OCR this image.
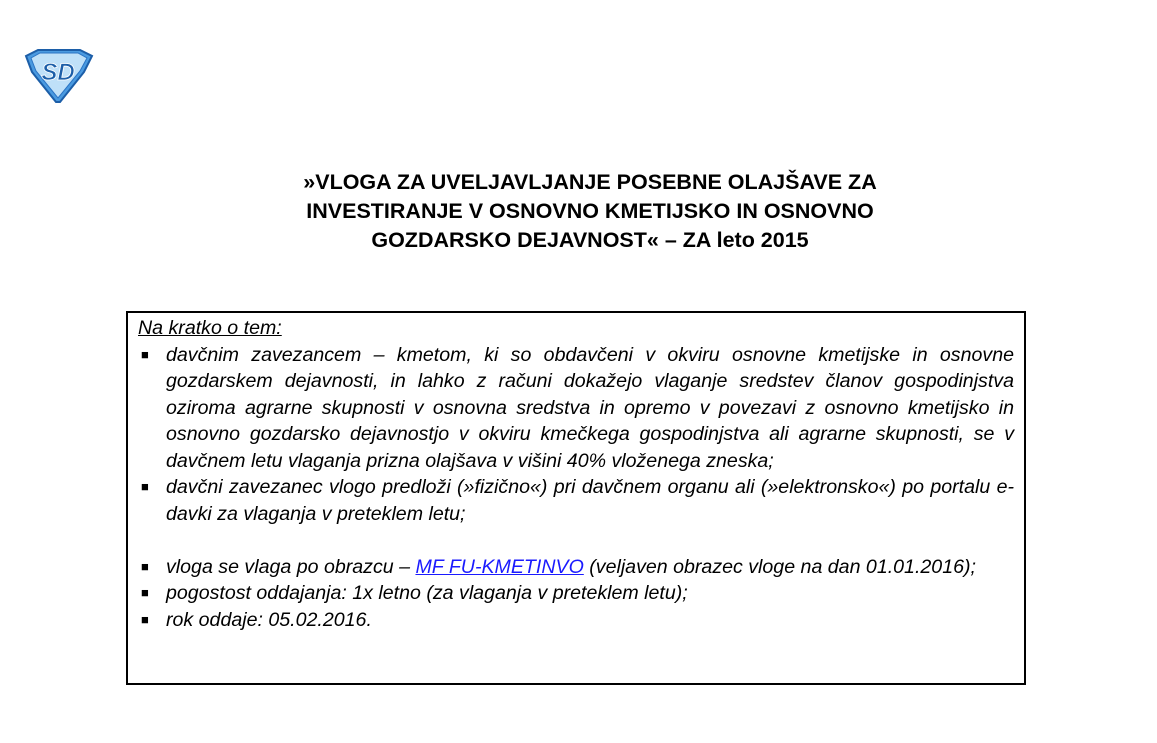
SD
»VLOGA ZA UVELJAVLJANJE POSEBNE OLAJŠAVE ZA
INVESTIRANJE V OSNOVNO KMETIJSKO IN OSNOVNO
GOZDARSKO DEJAVNOST« – ZA leto 2015
Na kratko o tem:
■ davčnim zavezancem – kmetom, ki so obdavčeni v okviru osnovne kmetijske in osnovne gozdarskem dejavnosti, in lahko z računi dokažejo vlaganje sredstev članov gospodinjstva oziroma agrarne skupnosti v osnovna sredstva in opremo v povezavi z osnovno kmetijsko in osnovno gozdarsko dejavnostjo v okviru kmečkega gospodinjstva ali agrarne skupnosti, se v davčnem letu vlaganja prizna olajšava v višini 40% vloženega zneska;
■ davčni zavezanec vlogo predloži (»fizično«) pri davčnem organu ali (»elektronsko«) po portalu e-davki za vlaganja v preteklem letu;
■ vloga se vlaga po obrazcu – MF FU-KMETINVO (veljaven obrazec vloge na dan 01.01.2016);
■ pogostost oddajanja: 1x letno (za vlaganja v preteklem letu);
■ rok oddaje: 05.02.2016.
